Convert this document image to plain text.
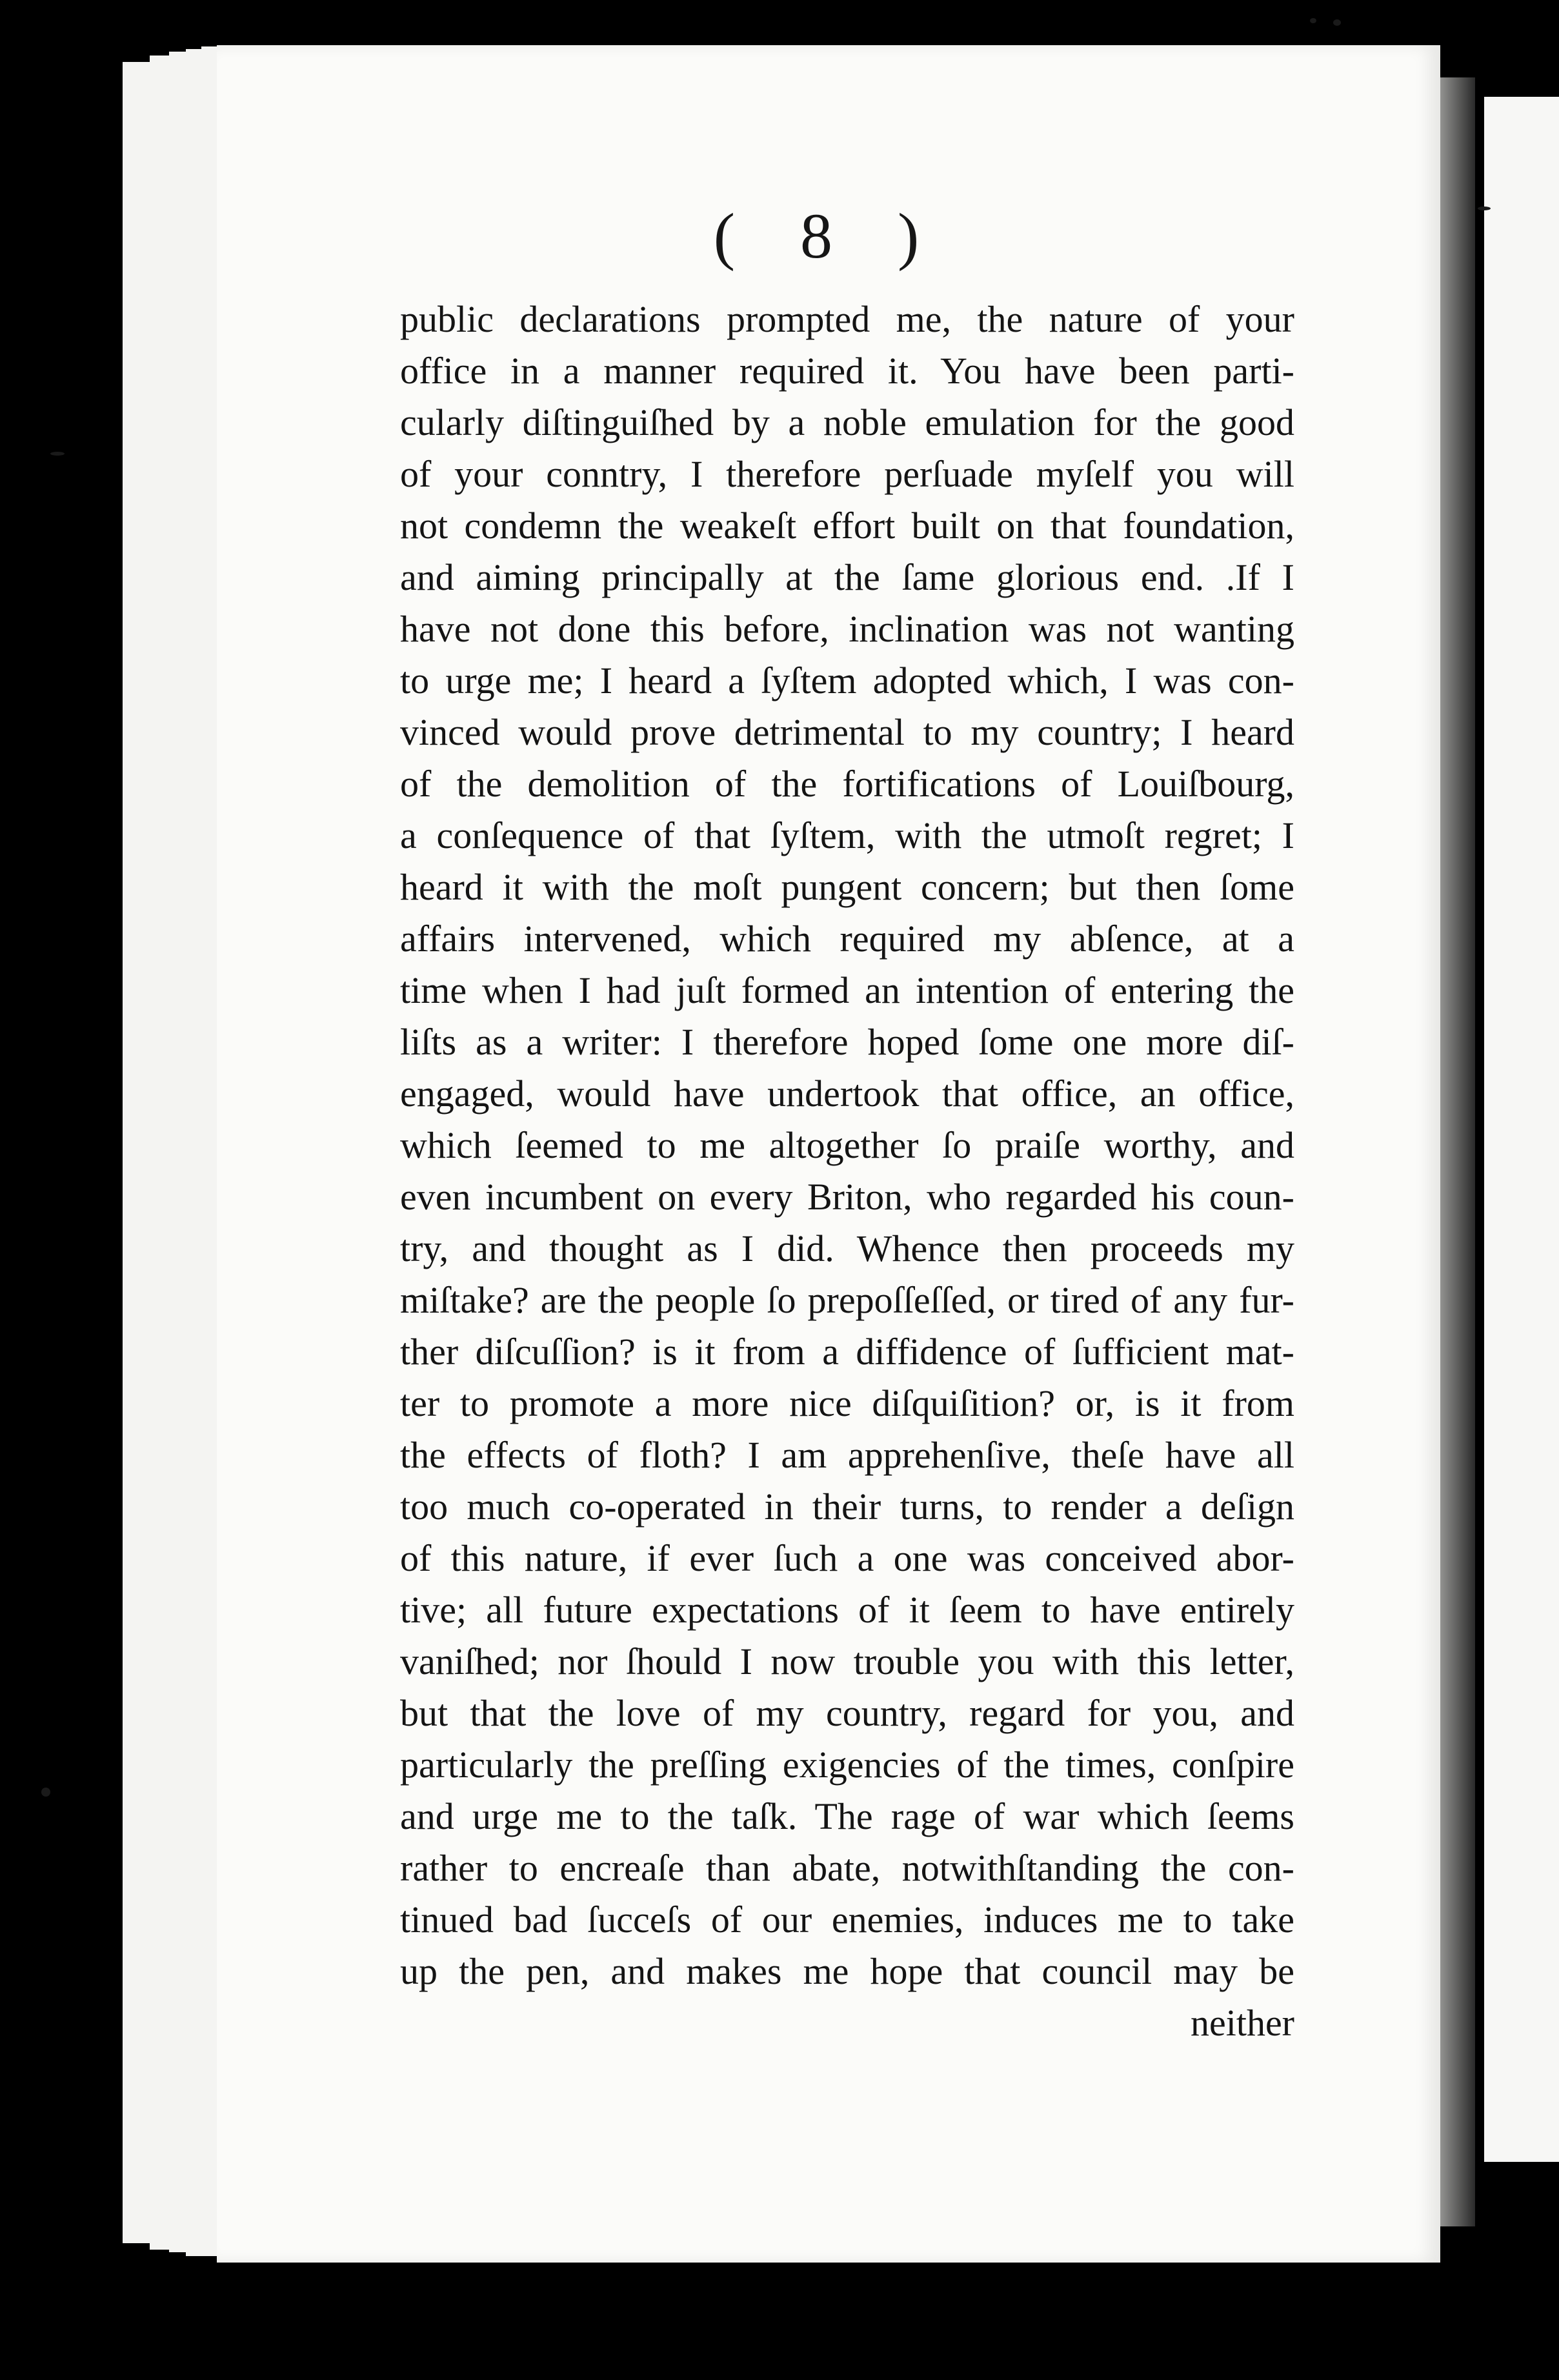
( 8 )
public declarations prompted me, the nature of your
office in a manner required it. You have been parti-
cularly diſtinguiſhed by a noble emulation for the good
of your conntry, I therefore perſuade myſelf you will
not condemn the weakeſt effort built on that foundation,
and aiming principally at the ſame glorious end. .If I
have not done this before, inclination was not wanting
to urge me; I heard a ſyſtem adopted which, I was con-
vinced would prove detrimental to my country; I heard
of the demolition of the fortifications of Louiſbourg,
a conſequence of that ſyſtem, with the utmoſt regret; I
heard it with the moſt pungent concern; but then ſome
affairs intervened, which required my abſence, at a
time when I had juſt formed an intention of entering the
liſts as a writer: I therefore hoped ſome one more diſ-
engaged, would have undertook that office, an office,
which ſeemed to me altogether ſo praiſe worthy, and
even incumbent on every Briton, who regarded his coun-
try, and thought as I did. Whence then proceeds my
miſtake? are the people ſo prepoſſeſſed, or tired of any fur-
ther diſcuſſion? is it from a diffidence of ſufficient mat-
ter to promote a more nice diſquiſition? or, is it from
the effects of floth? I am apprehenſive, theſe have all
too much co-operated in their turns, to render a deſign
of this nature, if ever ſuch a one was conceived abor-
tive; all future expectations of it ſeem to have entirely
vaniſhed; nor ſhould I now trouble you with this letter,
but that the love of my country, regard for you, and
particularly the preſſing exigencies of the times, conſpire
and urge me to the taſk. The rage of war which ſeems
rather to encreaſe than abate, notwithſtanding the con-
tinued bad ſucceſs of our enemies, induces me to take
up the pen, and makes me hope that council may be
neither
